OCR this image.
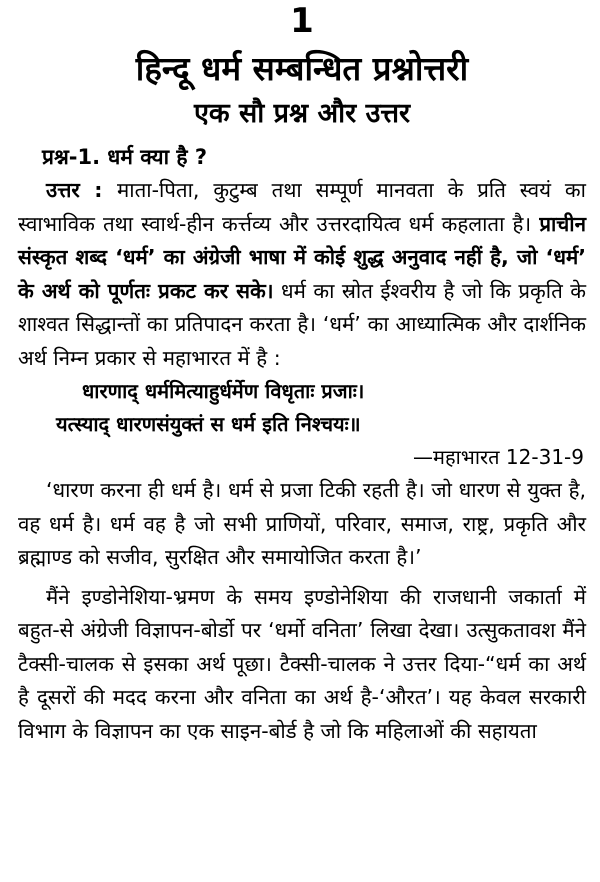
1
हिन्दू धर्म सम्बन्धित प्रश्नोत्तरी
एक सौ प्रश्न और उत्तर
प्रश्न-1. धर्म क्या है ?

उत्तर : माता-पिता, कुटुम्ब तथा सम्पूर्ण मानवता के प्रति स्वयं का स्वाभाविक तथा स्वार्थ-हीन कर्त्तव्य और उत्तरदायित्व धर्म कहलाता है। प्राचीन संस्कृत शब्द ‘धर्म’ का अंग्रेजी भाषा में कोई शुद्ध अनुवाद नहीं है, जो ‘धर्म’ के अर्थ को पूर्णतः प्रकट कर सके। धर्म का स्रोत ईश्वरीय है जो कि प्रकृति के शाश्वत सिद्धान्तों का प्रतिपादन करता है। ‘धर्म’ का आध्यात्मिक और दार्शनिक अर्थ निम्न प्रकार से महाभारत में है :

धारणाद् धर्ममित्याहुर्धर्मेण विधृताः प्रजाः।
यत्स्याद् धारणसंयुक्तं स धर्म इति निश्चयः॥
—महाभारत 12-31-9

‘धारण करना ही धर्म है। धर्म से प्रजा टिकी रहती है। जो धारण से युक्त है, वह धर्म है। धर्म वह है जो सभी प्राणियों, परिवार, समाज, राष्ट्र, प्रकृति और ब्रह्माण्ड को सजीव, सुरक्षित और समायोजित करता है।’

मैंने इण्डोनेशिया-भ्रमण के समय इण्डोनेशिया की राजधानी जकार्ता में बहुत-से अंग्रेजी विज्ञापन-बोर्डो पर ‘धर्मो वनिता’ लिखा देखा। उत्सुकतावश मैंने टैक्सी-चालक से इसका अर्थ पूछा। टैक्सी-चालक ने उत्तर दिया-“धर्म का अर्थ है दूसरों की मदद करना और वनिता का अर्थ है-‘औरत’। यह केवल सरकारी विभाग के विज्ञापन का एक साइन-बोर्ड है जो कि महिलाओं की सहायता
